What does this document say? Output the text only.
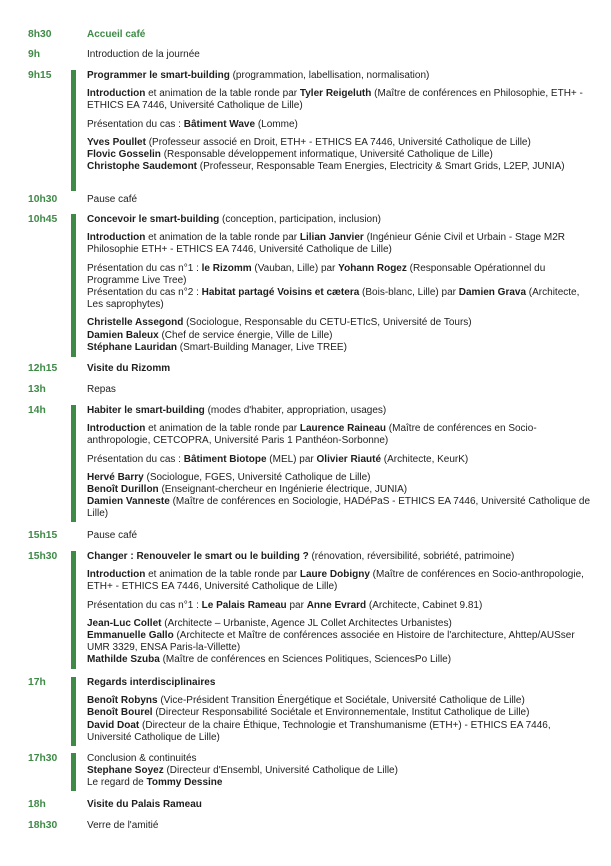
8h30	Accueil café

9h	Introduction de la journée

9h15	Programmer le smart-building (programmation, labellisation, normalisation)

Introduction et animation de la table ronde par Tyler Reigeluth (Maître de conférences en Philosophie, ETH+ - ETHICS EA 7446, Université Catholique de Lille)

Présentation du cas : Bâtiment Wave (Lomme)

Yves Poullet (Professeur associé en Droit, ETH+ - ETHICS EA 7446, Université Catholique de Lille)

Flovic Gosselin (Responsable développement informatique, Université Catholique de Lille)

Christophe Saudemont (Professeur, Responsable Team Energies, Electricity & Smart Grids, L2EP, JUNIA)

10h30	Pause café

10h45	Concevoir le smart-building (conception, participation, inclusion)

Introduction et animation de la table ronde par Lilian Janvier (Ingénieur Génie Civil et Urbain - Stage M2R Philosophie ETH+ - ETHICS EA 7446, Université Catholique de Lille)

Présentation du cas n°1 : le Rizomm (Vauban, Lille) par Yohann Rogez (Responsable Opérationnel du Programme Live Tree)

Présentation du cas n°2 : Habitat partagé Voisins et cætera (Bois-blanc, Lille) par Damien Grava (Architecte, Les saprophytes)

Christelle Assegond (Sociologue, Responsable du CETU-ETIcS, Université de Tours)

Damien Baleux (Chef de service énergie, Ville de Lille)

Stéphane Lauridan (Smart-Building Manager, Live TREE)

12h15	Visite du Rizomm

13h	Repas

14h	Habiter le smart-building (modes d'habiter, appropriation, usages)

Introduction et animation de la table ronde par Laurence Raineau (Maître de conférences en Socio-anthropologie, CETCOPRA, Université Paris 1 Panthéon-Sorbonne)

Présentation du cas : Bâtiment Biotope (MEL) par Olivier Riauté (Architecte, KeurK)

Hervé Barry (Sociologue, FGES, Université Catholique de Lille)

Benoît Durillon (Enseignant-chercheur en Ingénierie électrique, JUNIA)

Damien Vanneste (Maître de conférences en Sociologie, HADéPaS - ETHICS EA 7446, Université Catholique de Lille)

15h15	Pause café

15h30	Changer : Renouveler le smart ou le building ? (rénovation, réversibilité, sobriété, patrimoine)

Introduction et animation de la table ronde par Laure Dobigny (Maître de conférences en Socio-anthropologie, ETH+ - ETHICS EA 7446, Université Catholique de Lille)

Présentation du cas n°1 : Le Palais Rameau par Anne Evrard (Architecte, Cabinet 9.81)

Jean-Luc Collet (Architecte – Urbaniste, Agence JL Collet Architectes Urbanistes)

Emmanuelle Gallo (Architecte et Maître de conférences associée en Histoire de l'architecture, Ahttep/AUSser UMR 3329, ENSA Paris-la-Villette)

Mathilde Szuba (Maître de conférences en Sciences Politiques, SciencesPo Lille)

17h	Regards interdisciplinaires

Benoît Robyns (Vice-Président Transition Énergétique et Sociétale, Université Catholique de Lille)

Benoît Bourel (Directeur Responsabilité Sociétale et Environnementale, Institut Catholique de Lille)

David Doat (Directeur de la chaire Éthique, Technologie et Transhumanisme (ETH+) - ETHICS EA 7446, Université Catholique de Lille)

17h30	Conclusion & continuités

Stephane Soyez (Directeur d'Ensembl, Université Catholique de Lille)

Le regard de Tommy Dessine

18h	Visite du Palais Rameau

18h30	Verre de l'amitié
